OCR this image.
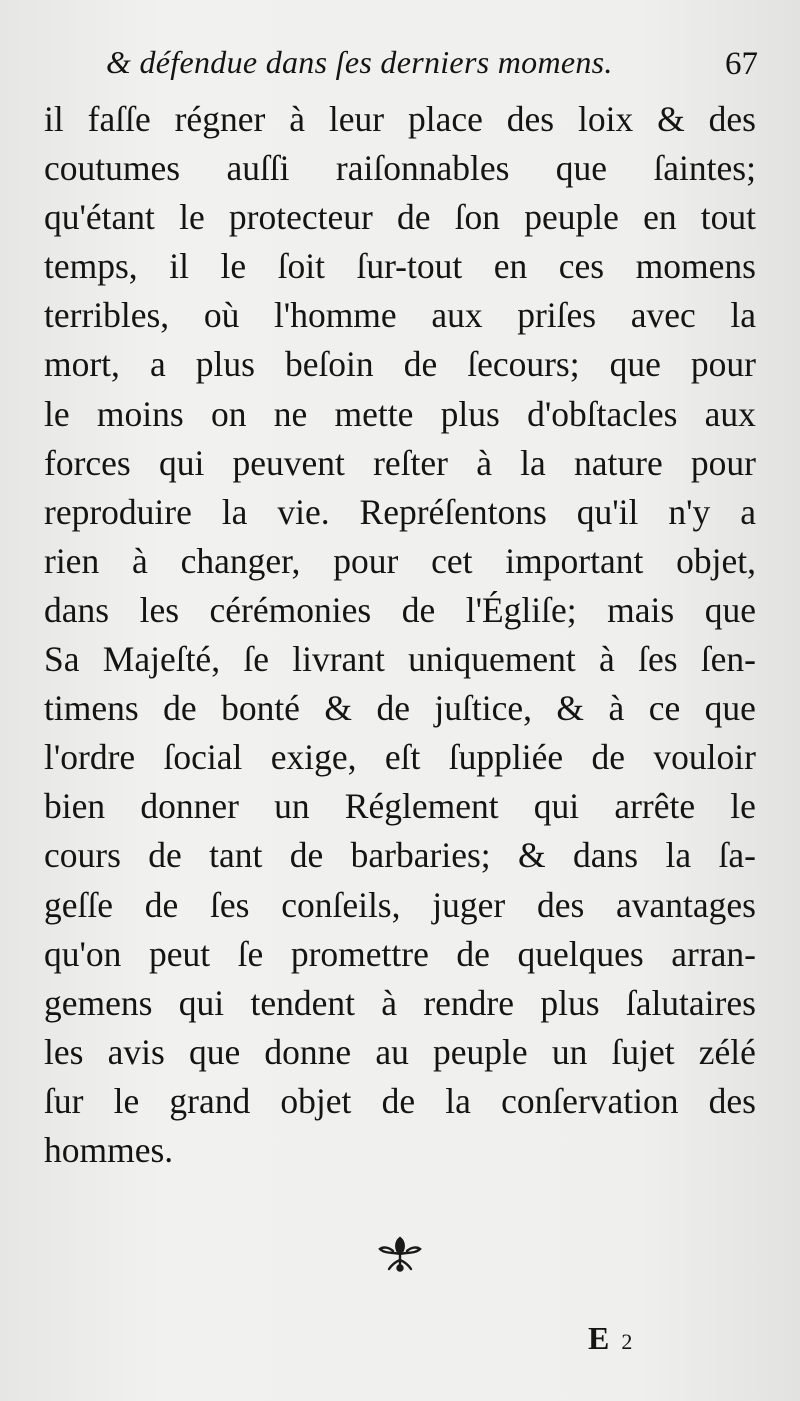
& défendue dans ſes derniers momens.	67
il faſſe régner à leur place des loix & des
coutumes auſſi raiſonnables que ſaintes;
qu'étant le protecteur de ſon peuple en tout
temps, il le ſoit ſur-tout en ces momens
terribles, où l'homme aux priſes avec la
mort, a plus beſoin de ſecours; que pour
le moins on ne mette plus d'obſtacles aux
forces qui peuvent reſter à la nature pour
reproduire la vie. Repréſentons qu'il n'y a
rien à changer, pour cet important objet,
dans les cérémonies de l'Égliſe; mais que
Sa Majeſté, ſe livrant uniquement à ſes ſen-
timens de bonté & de juſtice, & à ce que
l'ordre ſocial exige, eſt ſuppliée de vouloir
bien donner un Réglement qui arrête le
cours de tant de barbaries; & dans la ſa-
geſſe de ſes conſeils, juger des avantages
qu'on peut ſe promettre de quelques arran-
gemens qui tendent à rendre plus ſalutaires
les avis que donne au peuple un ſujet zélé
ſur le grand objet de la conſervation des
hommes.
E 2
